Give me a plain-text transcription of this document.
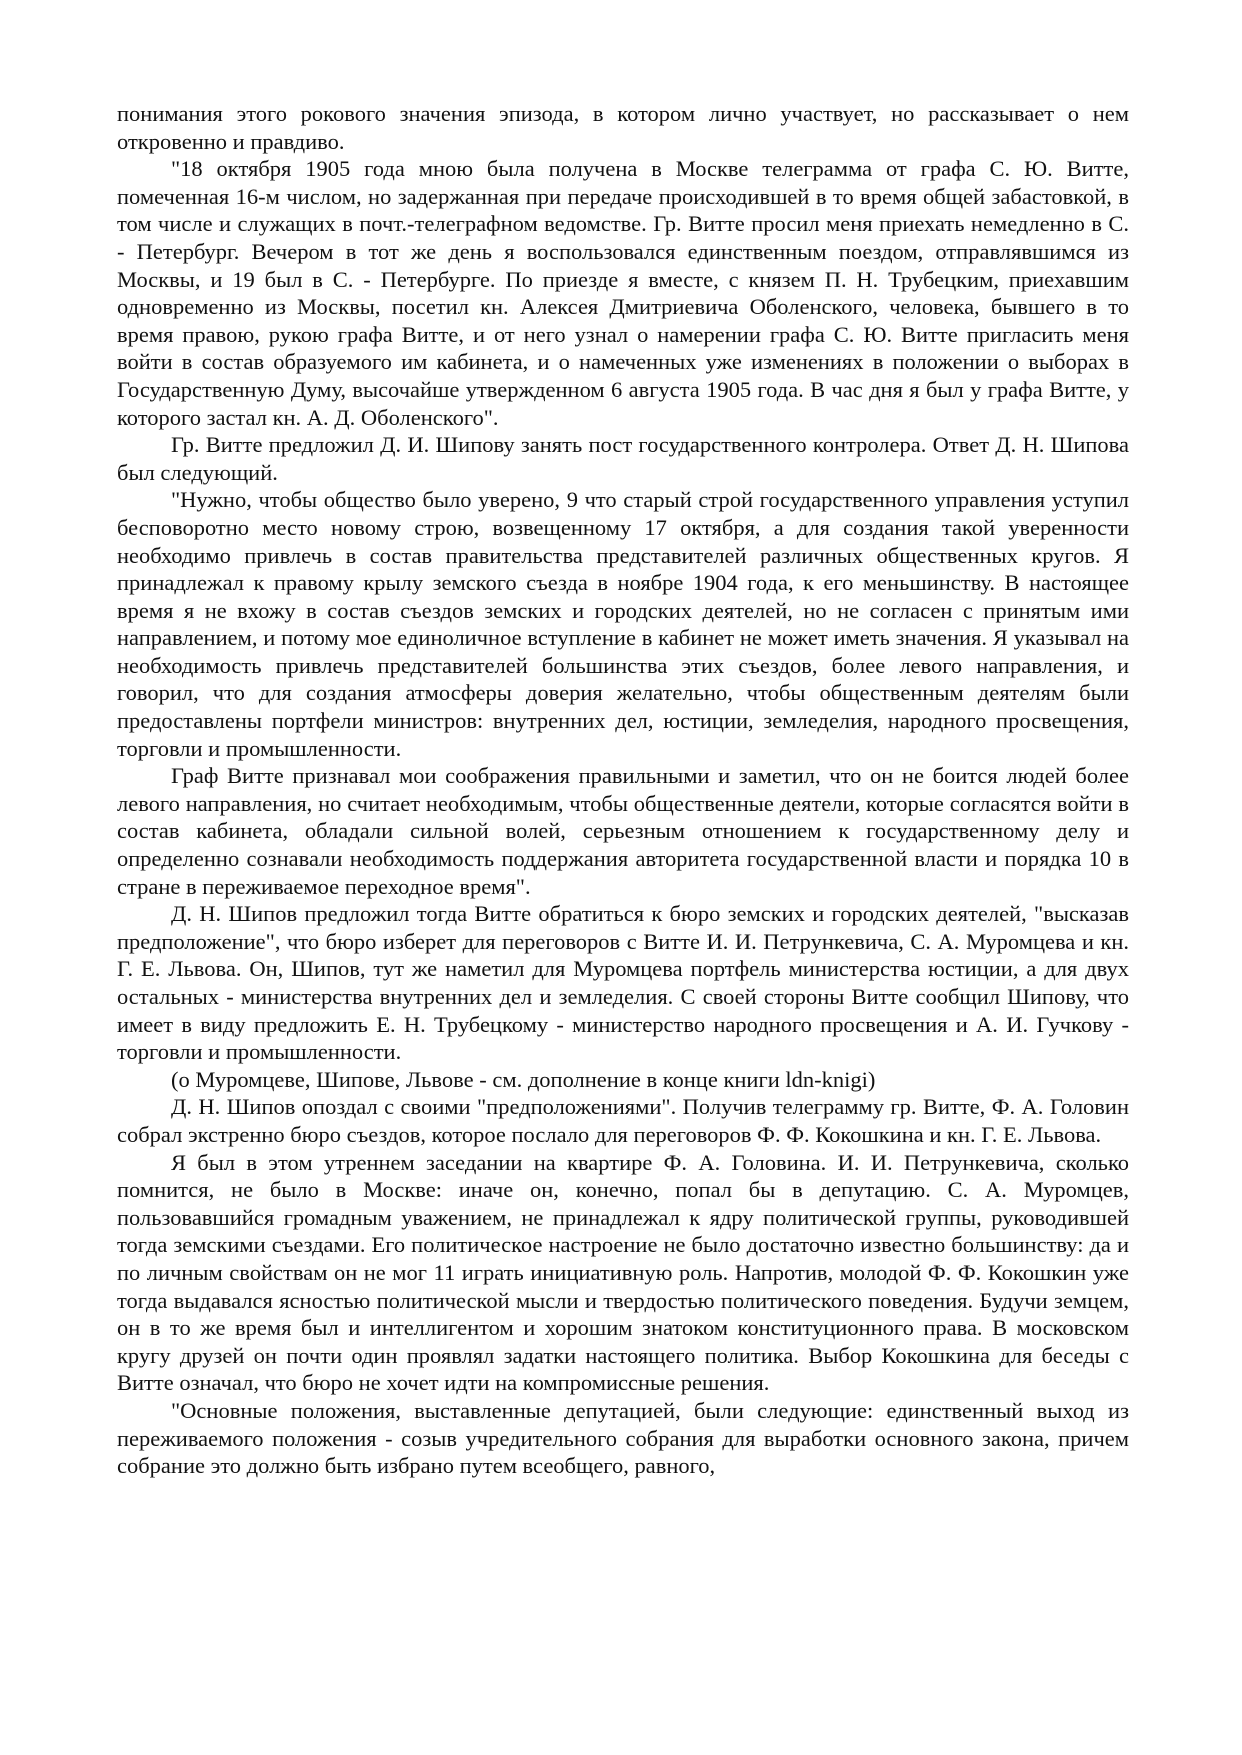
понимания этого рокового значения эпизода, в котором лично участвует, но рассказывает о нем откровенно и правдиво.

"18 октября 1905 года мною была получена в Москве телеграмма от графа С. Ю. Витте, помеченная 16-м числом, но задержанная при передаче происходившей в то время общей забастовкой, в том числе и служащих в почт.-телеграфном ведомстве. Гр. Витте просил меня приехать немедленно в С. - Петербург. Вечером в тот же день я воспользовался единственным поездом, отправлявшимся из Москвы, и 19 был в С. - Петербурге. По приезде я вместе, с князем П. Н. Трубецким, приехавшим одновременно из Москвы, посетил кн. Алексея Дмитриевича Оболенского, человека, бывшего в то время правою, рукою графа Витте, и от него узнал о намерении графа С. Ю. Витте пригласить меня войти в состав образуемого им кабинета, и о намеченных уже изменениях в положении о выборах в Государственную Думу, высочайше утвержденном 6 августа 1905 года. В час дня я был у графа Витте, у которого застал кн. А. Д. Оболенского".

Гр. Витте предложил Д. И. Шипову занять пост государственного контролера. Ответ Д. Н. Шипова был следующий.

"Нужно, чтобы общество было уверено, 9 что старый строй государственного управления уступил бесповоротно место новому строю, возвещенному 17 октября, а для создания такой уверенности необходимо привлечь в состав правительства представителей различных общественных кругов. Я принадлежал к правому крылу земского съезда в ноябре 1904 года, к его меньшинству. В настоящее время я не вхожу в состав съездов земских и городских деятелей, но не согласен с принятым ими направлением, и потому мое единоличное вступление в кабинет не может иметь значения. Я указывал на необходимость привлечь представителей большинства этих съездов, более левого направления, и говорил, что для создания атмосферы доверия желательно, чтобы общественным деятелям были предоставлены портфели министров: внутренних дел, юстиции, земледелия, народного просвещения, торговли и промышленности.

Граф Витте признавал мои соображения правильными и заметил, что он не боится людей более левого направления, но считает необходимым, чтобы общественные деятели, которые согласятся войти в состав кабинета, обладали сильной волей, серьезным отношением к государственному делу и определенно сознавали необходимость поддержания авторитета государственной власти и порядка 10 в стране в переживаемое переходное время".

Д. Н. Шипов предложил тогда Витте обратиться к бюро земских и городских деятелей, "высказав предположение", что бюро изберет для переговоров с Витте И. И. Петрункевича, С. А. Муромцева и кн. Г. Е. Львова. Он, Шипов, тут же наметил для Муромцева портфель министерства юстиции, а для двух остальных - министерства внутренних дел и земледелия. С своей стороны Витте сообщил Шипову, что имеет в виду предложить Е. Н. Трубецкому - министерство народного просвещения и А. И. Гучкову - торговли и промышленности.

(о Муромцеве, Шипове, Львове - см. дополнение в конце книги ldn-knigi)

Д. Н. Шипов опоздал с своими "предположениями". Получив телеграмму гр. Витте, Ф. А. Головин собрал экстренно бюро съездов, которое послало для переговоров Ф. Ф. Кокошкина и кн. Г. Е. Львова.

Я был в этом утреннем заседании на квартире Ф. А. Головина. И. И. Петрункевича, сколько помнится, не было в Москве: иначе он, конечно, попал бы в депутацию. С. А. Муромцев, пользовавшийся громадным уважением, не принадлежал к ядру политической группы, руководившей тогда земскими съездами. Его политическое настроение не было достаточно известно большинству: да и по личным свойствам он не мог 11 играть инициативную роль. Напротив, молодой Ф. Ф. Кокошкин уже тогда выдавался ясностью политической мысли и твердостью политического поведения. Будучи земцем, он в то же время был и интеллигентом и хорошим знатоком конституционного права. В московском кругу друзей он почти один проявлял задатки настоящего политика. Выбор Кокошкина для беседы с Витте означал, что бюро не хочет идти на компромиссные решения.

"Основные положения, выставленные депутацией, были следующие: единственный выход из переживаемого положения - созыв учредительного собрания для выработки основного закона, причем собрание это должно быть избрано путем всеобщего, равного,
